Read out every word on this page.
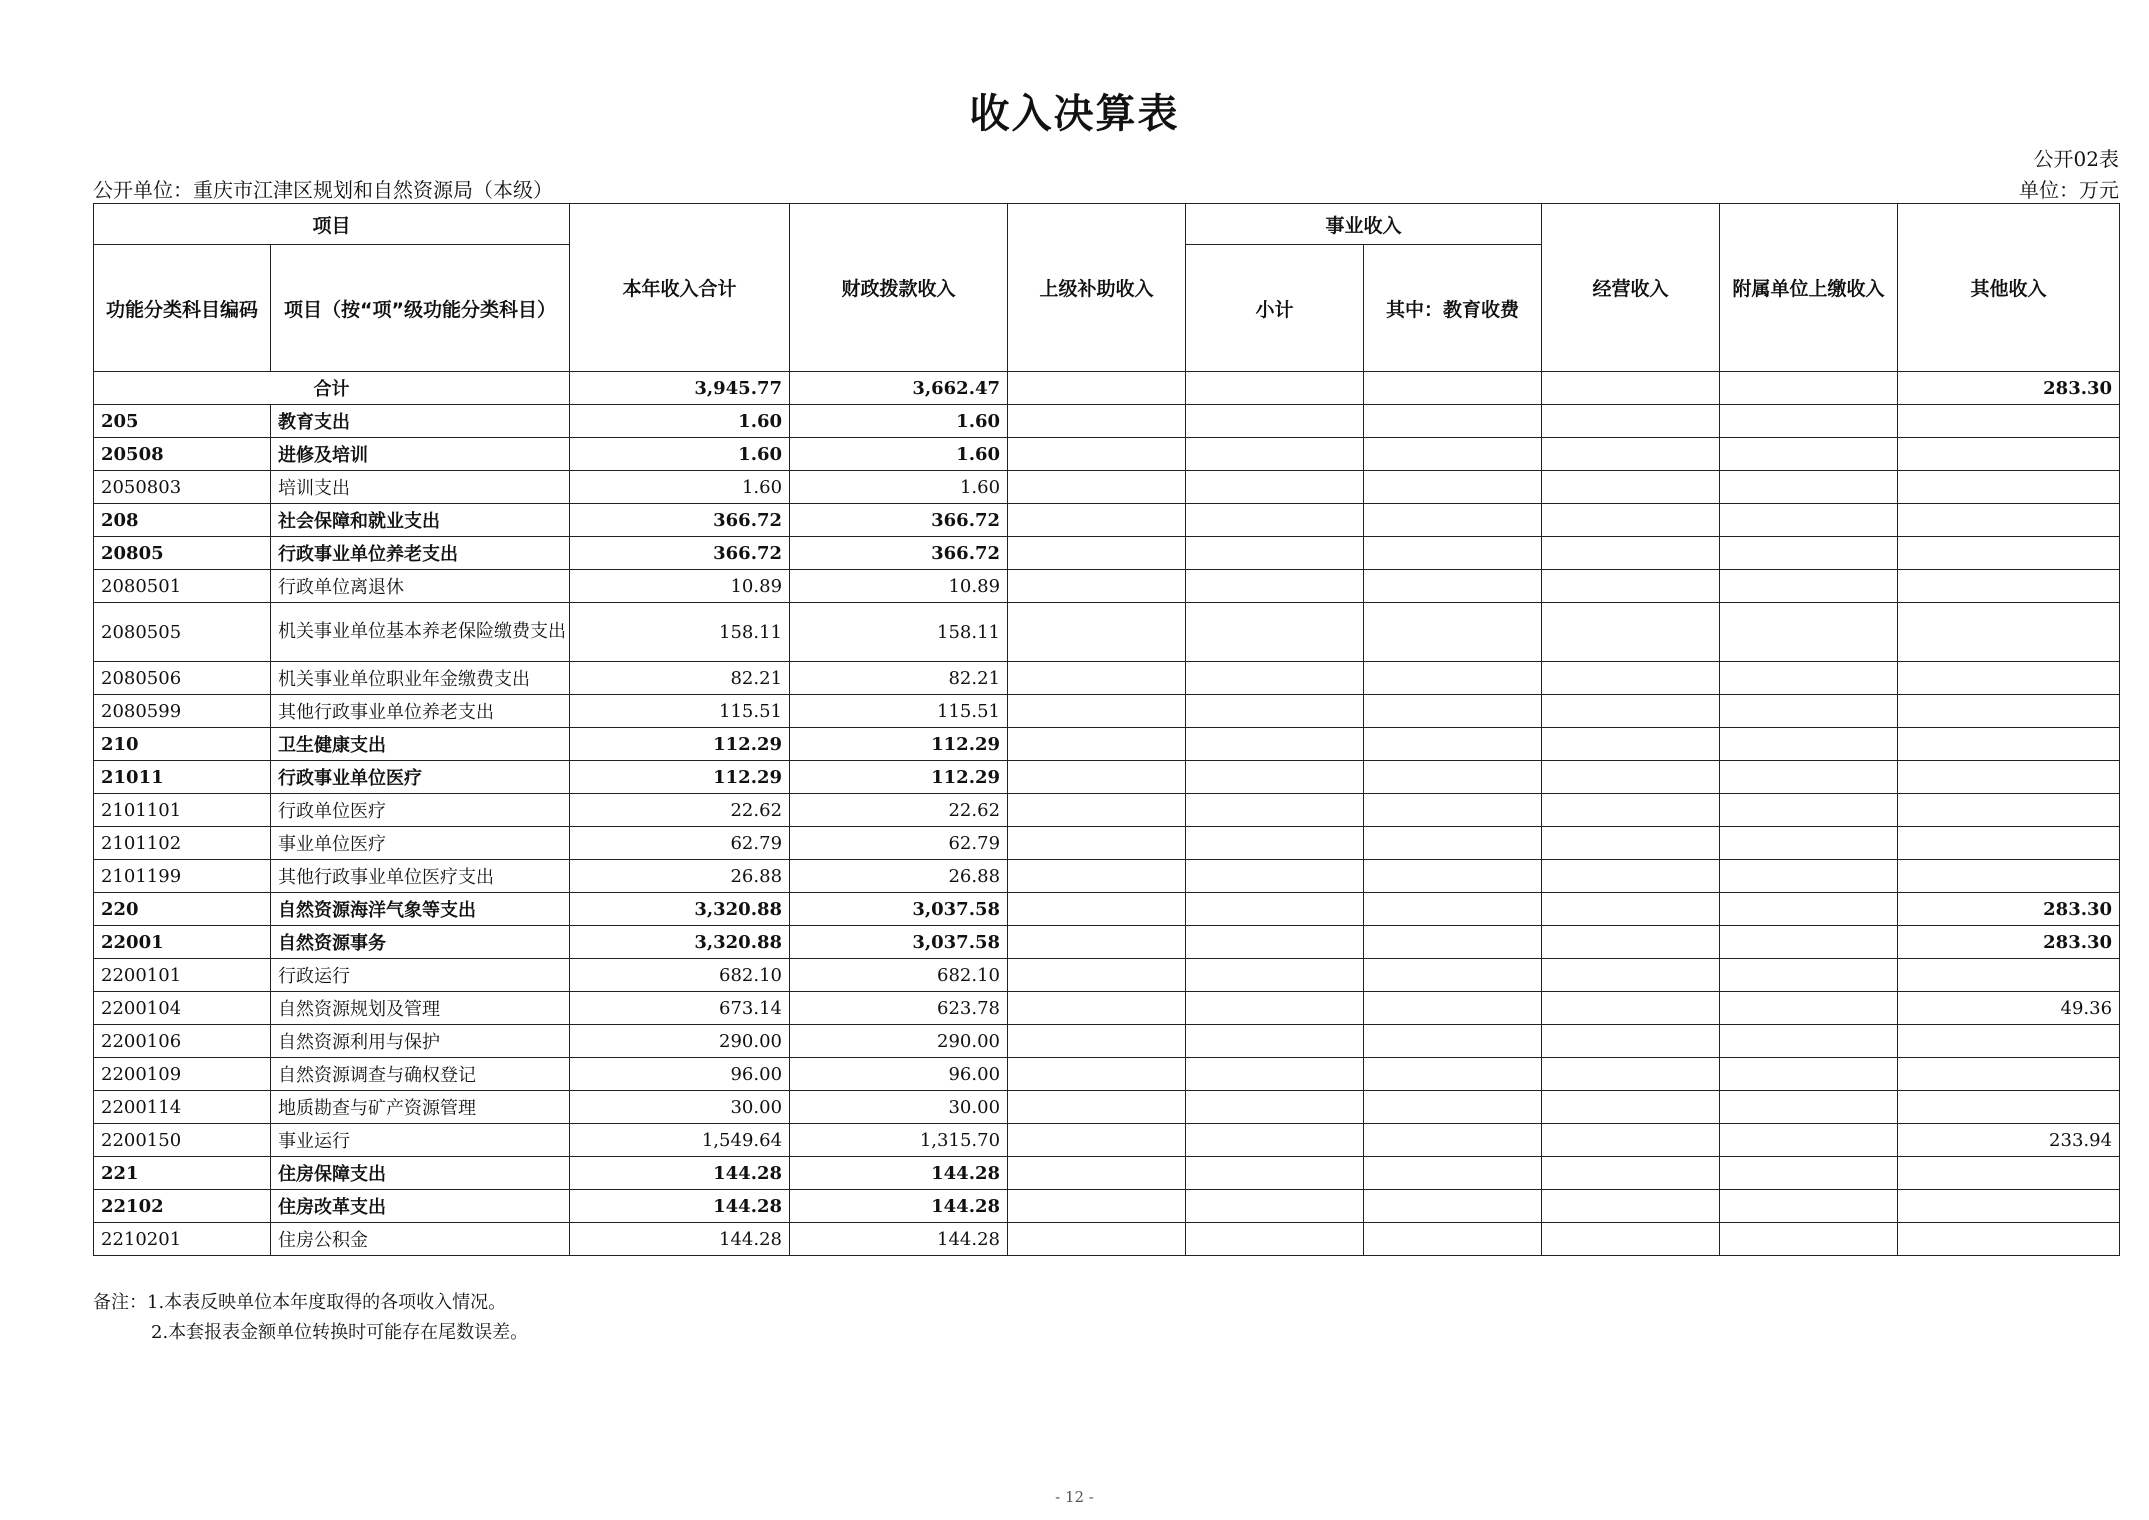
收入决算表
公开02表
公开单位：重庆市江津区规划和自然资源局（本级）	单位：万元
项目		本年收入合计	财政拨款收入	上级补助收入	事业收入		经营收入	附属单位上缴收入	其他收入
功能分类科目编码	项目（按“项”级功能分类科目）				小计	其中：教育收费			
合计		3,945.77	3,662.47						283.30
205	教育支出	1.60	1.60						
20508	进修及培训	1.60	1.60						
2050803	培训支出	1.60	1.60						
208	社会保障和就业支出	366.72	366.72						
20805	行政事业单位养老支出	366.72	366.72						
2080501	行政单位离退休	10.89	10.89						
2080505	机关事业单位基本养老保险缴费支出	158.11	158.11						
2080506	机关事业单位职业年金缴费支出	82.21	82.21						
2080599	其他行政事业单位养老支出	115.51	115.51						
210	卫生健康支出	112.29	112.29						
21011	行政事业单位医疗	112.29	112.29						
2101101	行政单位医疗	22.62	22.62						
2101102	事业单位医疗	62.79	62.79						
2101199	其他行政事业单位医疗支出	26.88	26.88						
220	自然资源海洋气象等支出	3,320.88	3,037.58						283.30
22001	自然资源事务	3,320.88	3,037.58						283.30
2200101	行政运行	682.10	682.10						
2200104	自然资源规划及管理	673.14	623.78						49.36
2200106	自然资源利用与保护	290.00	290.00						
2200109	自然资源调查与确权登记	96.00	96.00						
2200114	地质勘查与矿产资源管理	30.00	30.00						
2200150	事业运行	1,549.64	1,315.70						233.94
221	住房保障支出	144.28	144.28						
22102	住房改革支出	144.28	144.28						
2210201	住房公积金	144.28	144.28						
备注：1.本表反映单位本年度取得的各项收入情况。
2.本套报表金额单位转换时可能存在尾数误差。
- 12 -
